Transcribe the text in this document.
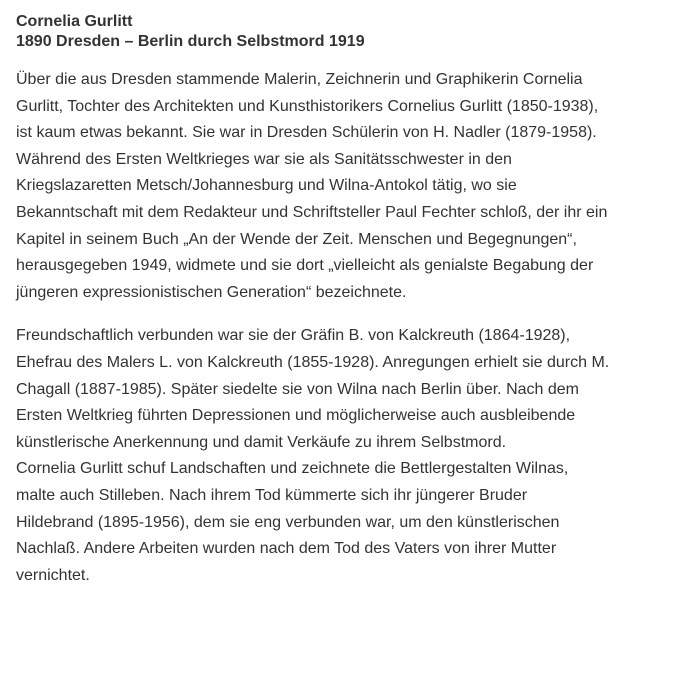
Cornelia Gurlitt
1890 Dresden – Berlin durch Selbstmord 1919

Über die aus Dresden stammende Malerin, Zeichnerin und Graphikerin Cornelia
Gurlitt, Tochter des Architekten und Kunsthistorikers Cornelius Gurlitt (1850-1938),
ist kaum etwas bekannt. Sie war in Dresden Schülerin von H. Nadler (1879-1958).
Während des Ersten Weltkrieges war sie als Sanitätsschwester in den
Kriegslazaretten Metsch/Johannesburg und Wilna-Antokol tätig, wo sie
Bekanntschaft mit dem Redakteur und Schriftsteller Paul Fechter schloß, der ihr ein
Kapitel in seinem Buch „An der Wende der Zeit. Menschen und Begegnungen“,
herausgegeben 1949, widmete und sie dort „vielleicht als genialste Begabung der
jüngeren expressionistischen Generation“ bezeichnete.

Freundschaftlich verbunden war sie der Gräfin B. von Kalckreuth (1864-1928),
Ehefrau des Malers L. von Kalckreuth (1855-1928). Anregungen erhielt sie durch M.
Chagall (1887-1985). Später siedelte sie von Wilna nach Berlin über. Nach dem
Ersten Weltkrieg führten Depressionen und möglicherweise auch ausbleibende
künstlerische Anerkennung und damit Verkäufe zu ihrem Selbstmord.
Cornelia Gurlitt schuf Landschaften und zeichnete die Bettlergestalten Wilnas,
malte auch Stilleben. Nach ihrem Tod kümmerte sich ihr jüngerer Bruder
Hildebrand (1895-1956), dem sie eng verbunden war, um den künstlerischen
Nachlaß. Andere Arbeiten wurden nach dem Tod des Vaters von ihrer Mutter
vernichtet.
